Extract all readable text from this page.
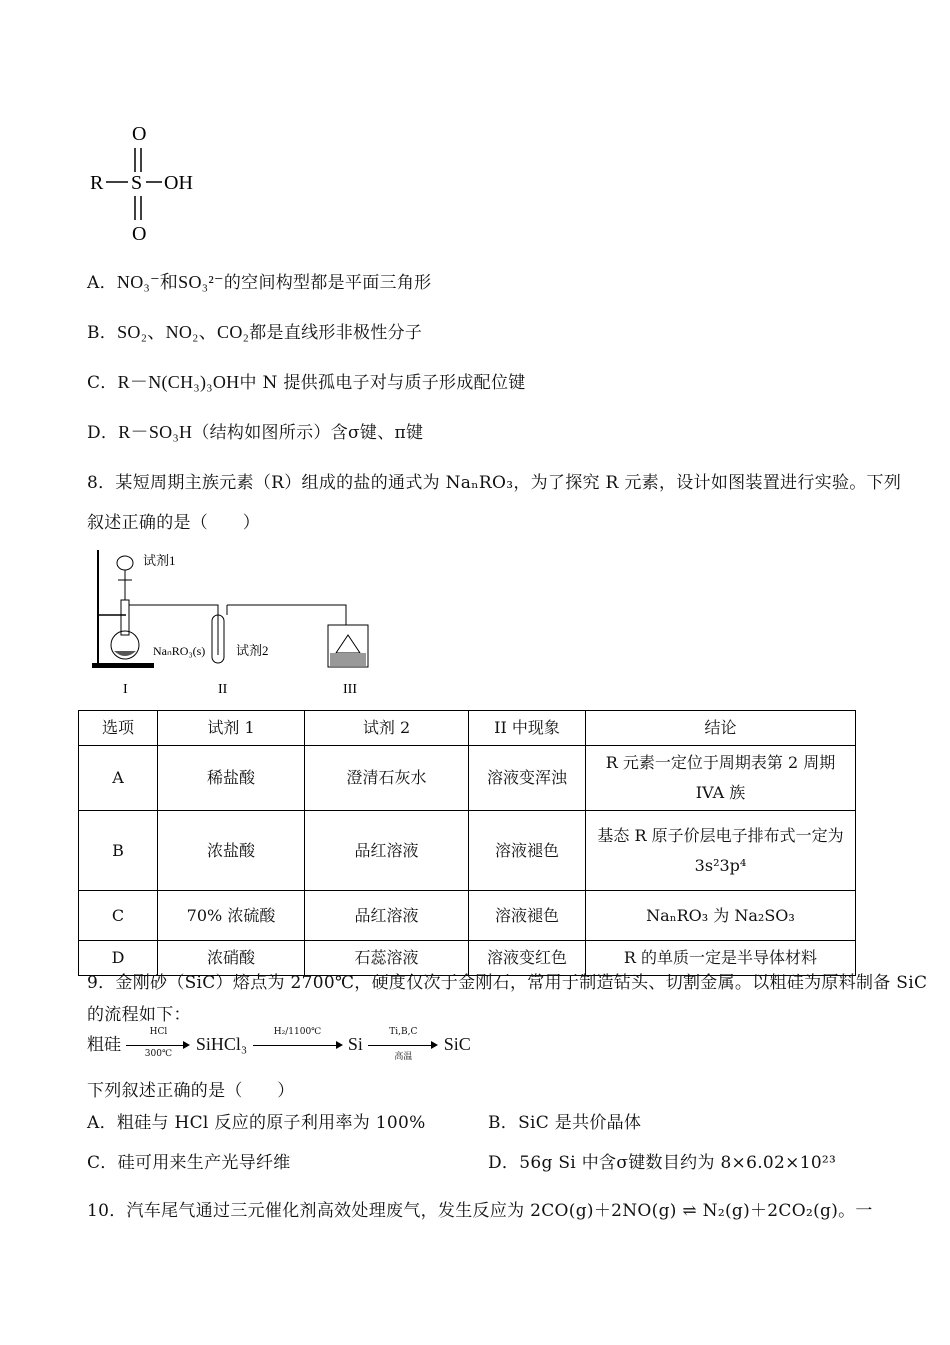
O
R S OH
O
A．NO₃⁻和SO₃²⁻的空间构型都是平面三角形
B．SO₂、NO₂、CO₂都是直线形非极性分子
C．R－N(CH₃)₃OH中 N 提供孤电子对与质子形成配位键
D．R－SO₃H（结构如图所示）含σ键、π键
8．某短周期主族元素（R）组成的盐的通式为 NaₙRO₃，为了探究 R 元素，设计如图装置进行实验。下列
叙述正确的是（　　）
试剂1
NaₙRO₃(s) 试剂2
I	II	III
选项	试剂 1	试剂 2	II 中现象	结论
A	稀盐酸	澄清石灰水	溶液变浑浊	R 元素一定位于周期表第 2 周期 IVA 族
B	浓盐酸	品红溶液	溶液褪色	基态 R 原子价层电子排布式一定为 3s²3p⁴
C	70% 浓硫酸	品红溶液	溶液褪色	NaₙRO₃ 为 Na₂SO₃
D	浓硝酸	石蕊溶液	溶液变红色	R 的单质一定是半导体材料
9．金刚砂（SiC）熔点为 2700℃，硬度仅次于金刚石，常用于制造钻头、切割金属。以粗硅为原料制备 SiC
的流程如下：
粗硅
HCl
300℃	SiHCl₃
H₂/1100℃
Si
Ti,B,C
高温
SiC
下列叙述正确的是（　　）
A．粗硅与 HCl 反应的原子利用率为 100%	B．SiC 是共价晶体
C．硅可用来生产光导纤维	D．56g Si 中含σ键数目约为 8×6.02×10²³
10．汽车尾气通过三元催化剂高效处理废气，发生反应为 2CO(g)＋2NO(g) ⇌ N₂(g)＋2CO₂(g)。一
